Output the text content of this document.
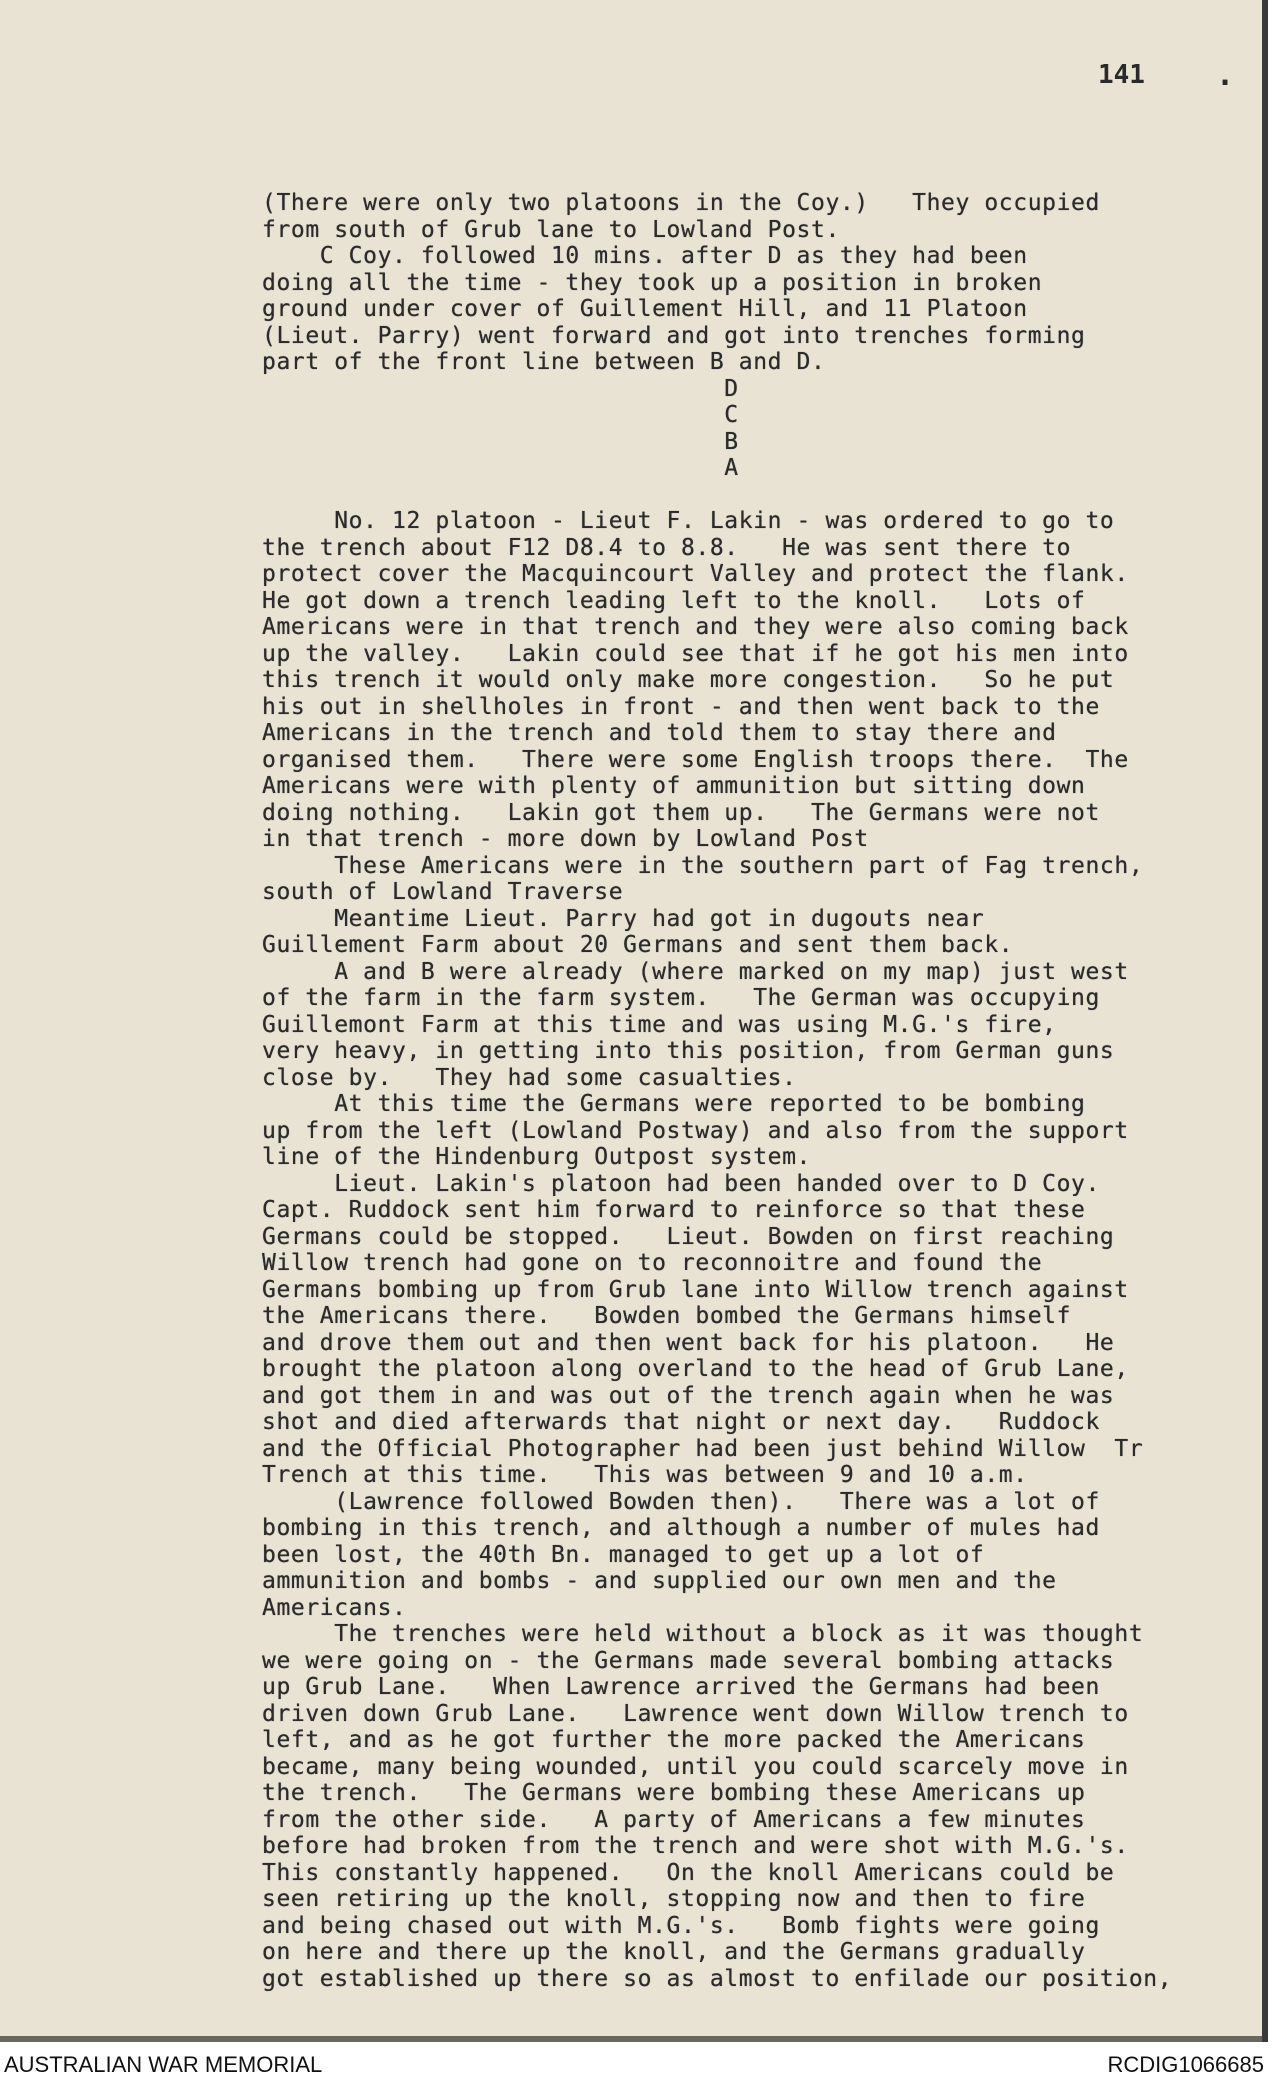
141 .
(There were only two platoons in the Coy.)   They occupied
from south of Grub lane to Lowland Post.
C Coy. followed 10 mins. after D as they had been
doing all the time - they took up a position in broken
ground under cover of Guillement Hill, and 11 Platoon
(Lieut. Parry) went forward and got into trenches forming
part of the front line between B and D.
D
C
B
A
No. 12 platoon - Lieut F. Lakin - was ordered to go to
the trench about F12 D8.4 to 8.8.   He was sent there to
protect cover the Macquincourt Valley and protect the flank.
He got down a trench leading left to the knoll.   Lots of
Americans were in that trench and they were also coming back
up the valley.   Lakin could see that if he got his men into
this trench it would only make more congestion.   So he put
his out in shellholes in front - and then went back to the
Americans in the trench and told them to stay there and
organised them.   There were some English troops there.  The
Americans were with plenty of ammunition but sitting down
doing nothing.   Lakin got them up.   The Germans were not
in that trench - more down by Lowland Post
These Americans were in the southern part of Fag trench,
south of Lowland Traverse
Meantime Lieut. Parry had got in dugouts near
Guillement Farm about 20 Germans and sent them back.
A and B were already (where marked on my map) just west
of the farm in the farm system.   The German was occupying
Guillemont Farm at this time and was using M.G.'s fire,
very heavy, in getting into this position, from German guns
close by.   They had some casualties.
At this time the Germans were reported to be bombing
up from the left (Lowland Postway) and also from the support
line of the Hindenburg Outpost system.
Lieut. Lakin's platoon had been handed over to D Coy.
Capt. Ruddock sent him forward to reinforce so that these
Germans could be stopped.   Lieut. Bowden on first reaching
Willow trench had gone on to reconnoitre and found the
Germans bombing up from Grub lane into Willow trench against
the Americans there.   Bowden bombed the Germans himself
and drove them out and then went back for his platoon.   He
brought the platoon along overland to the head of Grub Lane,
and got them in and was out of the trench again when he was
shot and died afterwards that night or next day.   Ruddock
and the Official Photographer had been just behind Willow  Tr
Trench at this time.   This was between 9 and 10 a.m.
(Lawrence followed Bowden then).   There was a lot of
bombing in this trench, and although a number of mules had
been lost, the 40th Bn. managed to get up a lot of
ammunition and bombs - and supplied our own men and the
Americans.
The trenches were held without a block as it was thought
we were going on - the Germans made several bombing attacks
up Grub Lane.   When Lawrence arrived the Germans had been
driven down Grub Lane.   Lawrence went down Willow trench to
left, and as he got further the more packed the Americans
became, many being wounded, until you could scarcely move in
the trench.   The Germans were bombing these Americans up
from the other side.   A party of Americans a few minutes
before had broken from the trench and were shot with M.G.'s.
This constantly happened.   On the knoll Americans could be
seen retiring up the knoll, stopping now and then to fire
and being chased out with M.G.'s.   Bomb fights were going
on here and there up the knoll, and the Germans gradually
got established up there so as almost to enfilade our position,
AUSTRALIAN WAR MEMORIAL	RCDIG1066685
